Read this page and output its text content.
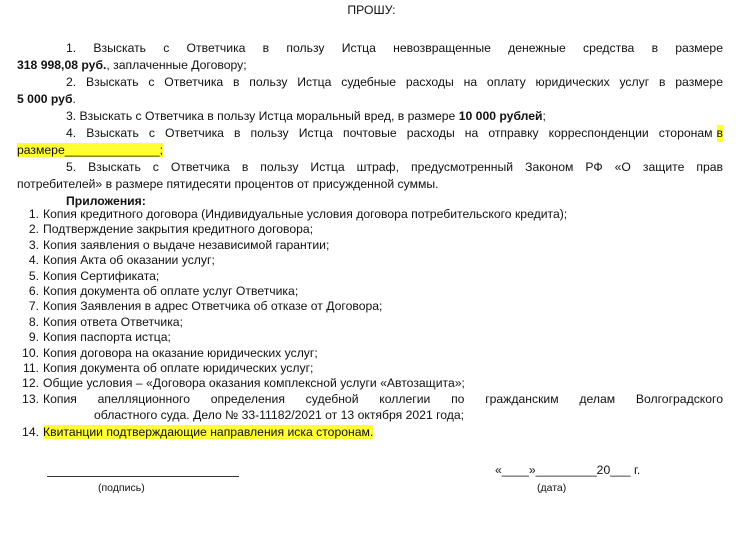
ПРОШУ:
1. Взыскать с Ответчика в пользу Истца невозвращенные денежные средства в размере
318 998,08 руб., заплаченные Договору;
2. Взыскать с Ответчика в пользу Истца судебные расходы на оплату юридических услуг в размере
5 000 руб.
3. Взыскать с Ответчика в пользу Истца моральный вред, в размере 10 000 рублей;
4. Взыскать с Ответчика в пользу Истца почтовые расходы на отправку корреспонденции сторонам в
размере______________;
5. Взыскать с Ответчика в пользу Истца штраф, предусмотренный Законом РФ «О защите прав
потребителей» в размере пятидесяти процентов от присужденной суммы.
Приложения:
1. Копия кредитного договора (Индивидуальные условия договора потребительского кредита);
2. Подтверждение закрытия кредитного договора;
3. Копия заявления о выдаче независимой гарантии;
4. Копия Акта об оказании услуг;
5. Копия Сертификата;
6. Копия документа об оплате услуг Ответчика;
7. Копия Заявления в адрес Ответчика об отказе от Договора;
8. Копия ответа Ответчика;
9. Копия паспорта истца;
10. Копия договора на оказание юридических услуг;
11. Копия документа об оплате юридических услуг;
12. Общие условия – «Договора оказания комплексной услуги «Автозащита»;
13. Копия апелляционного определения судебной коллегии по гражданским делам Волгоградского
областного суда. Дело № 33-11182/2021 от 13 октября 2021 года;
14. Квитанции подтверждающие направления иска сторонам.
(подпись)
«____»_________20___ г.
(дата)
